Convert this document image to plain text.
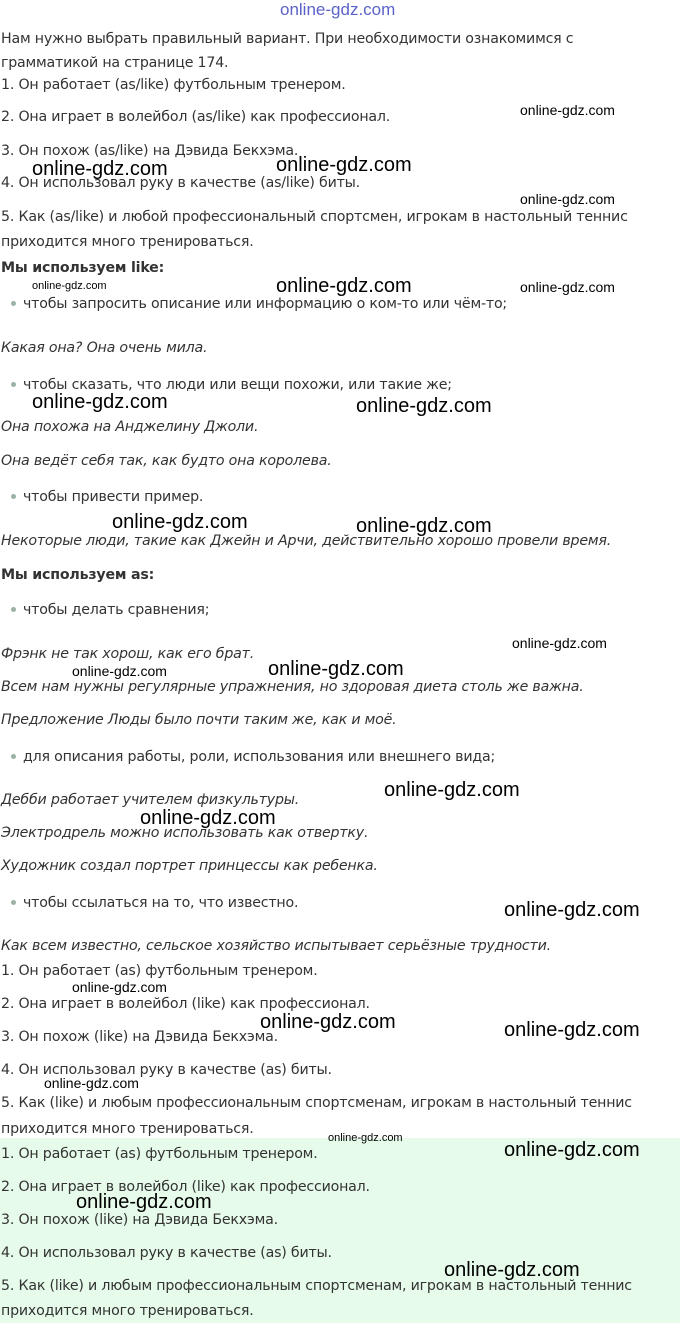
online-gdz.com
Нам нужно выбрать правильный вариант. При необходимости ознакомимся с
грамматикой на странице 174.
1. Он работает (as/like) футбольным тренером.
2. Она играет в волейбол (as/like) как профессионал.
3. Он похож (as/like) на Дэвида Бекхэма.
4. Он использовал руку в качестве (as/like) биты.
5. Как (as/like) и любой профессиональный спортсмен, игрокам в настольный теннис
приходится много тренироваться.
Мы используем like:
чтобы запросить описание или информацию о ком-то или чём-то;
Какая она? Она очень мила.
чтобы сказать, что люди или вещи похожи, или такие же;
Она похожа на Анджелину Джоли.
Она ведёт себя так, как будто она королева.
чтобы привести пример.
Некоторые люди, такие как Джейн и Арчи, действительно хорошо провели время.
Мы используем as:
чтобы делать сравнения;
Фрэнк не так хорош, как его брат.
Всем нам нужны регулярные упражнения, но здоровая диета столь же важна.
Предложение Люды было почти таким же, как и моё.
для описания работы, роли, использования или внешнего вида;
Дебби работает учителем физкультуры.
Электродрель можно использовать как отвертку.
Художник создал портрет принцессы как ребенка.
чтобы ссылаться на то, что известно.
Как всем известно, сельское хозяйство испытывает серьёзные трудности.
1. Он работает (as) футбольным тренером.
2. Она играет в волейбол (like) как профессионал.
3. Он похож (like) на Дэвида Бекхэма.
4. Он использовал руку в качестве (as) биты.
5. Как (like) и любым профессиональным спортсменам, игрокам в настольный теннис
приходится много тренироваться.
1. Он работает (as) футбольным тренером.
2. Она играет в волейбол (like) как профессионал.
3. Он похож (like) на Дэвида Бекхэма.
4. Он использовал руку в качестве (as) биты.
5. Как (like) и любым профессиональным спортсменам, игрокам в настольный теннис
приходится много тренироваться.
online-gdz.com
online-gdz.com	online-gdz.com
online-gdz.com
online-gdz.com	online-gdz.com	online-gdz.com
online-gdz.com	online-gdz.com
online-gdz.com	online-gdz.com
online-gdz.com
online-gdz.com	online-gdz.com
online-gdz.com
online-gdz.com
online-gdz.com
online-gdz.com
online-gdz.com	online-gdz.com
online-gdz.com
online-gdz.com
online-gdz.com
online-gdz.com
online-gdz.com
